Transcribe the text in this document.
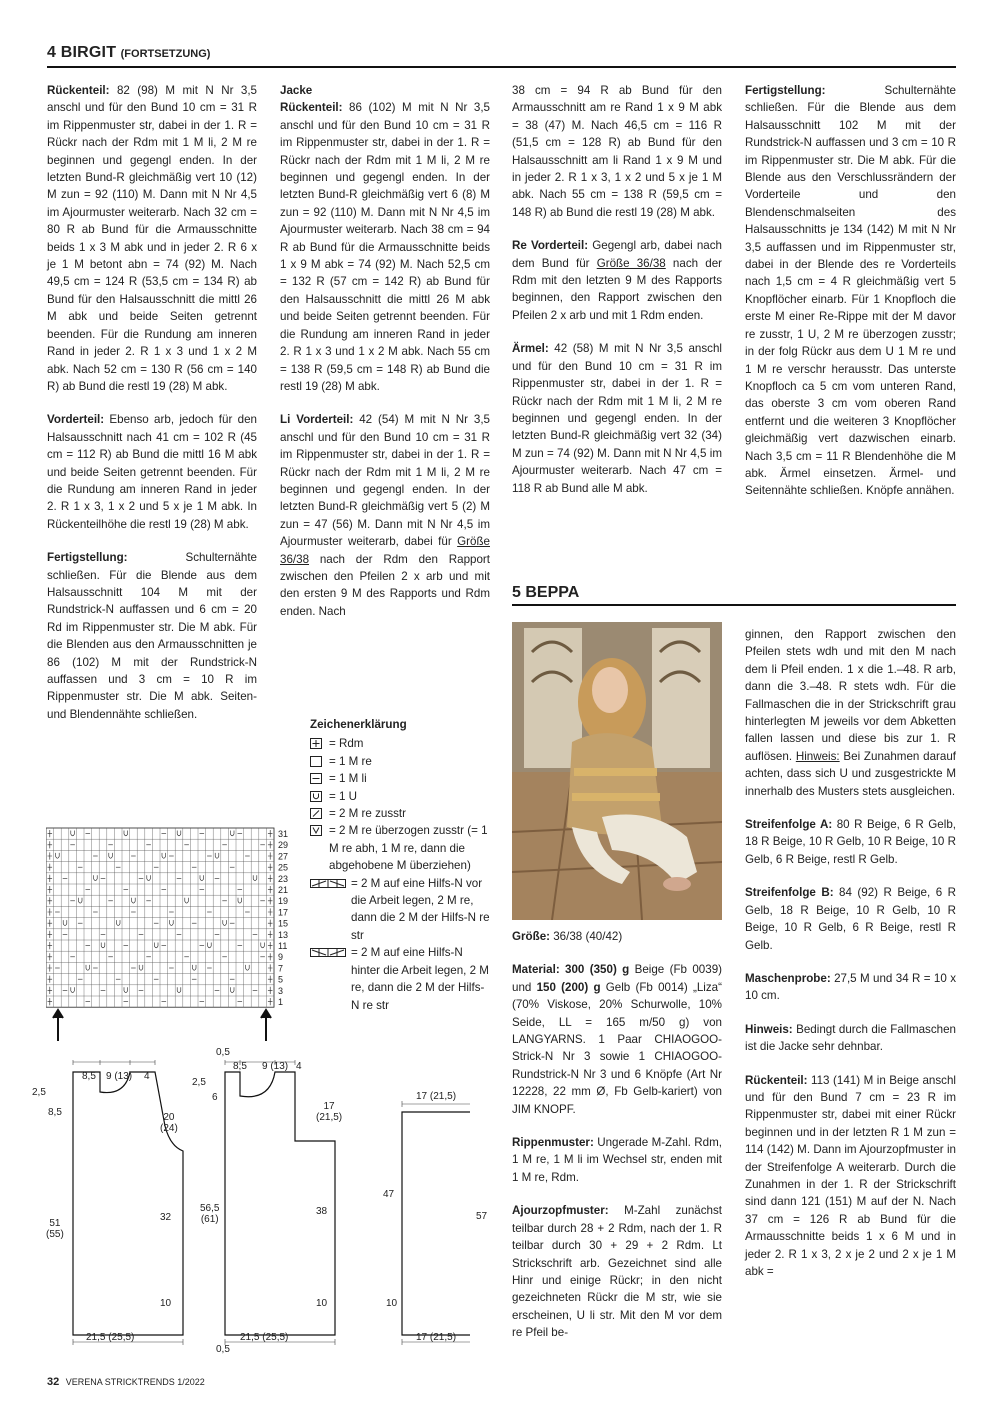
4 BIRGIT (FORTSETZUNG)

Rückenteil: 82 (98) M mit N Nr 3,5 anschl und für den Bund 10 cm = 31 R im Rippenmuster str, dabei in der 1. R = Rückr nach der Rdm mit 1 M li, 2 M re beginnen und gegengl enden. In der letzten Bund-R gleichmäßig vert 10 (12) M zun = 92 (110) M. Dann mit N Nr 4,5 im Ajourmuster weiterarb. Nach 32 cm = 80 R ab Bund für die Armausschnitte beids 1 x 3 M abk und in jeder 2. R 6 x je 1 M betont abn = 74 (92) M. Nach 49,5 cm = 124 R (53,5 cm = 134 R) ab Bund für den Halsausschnitt die mittl 26 M abk und beide Seiten getrennt beenden. Für die Rundung am inneren Rand in jeder 2. R 1 x 3 und 1 x 2 M abk. Nach 52 cm = 130 R (56 cm = 140 R) ab Bund die restl 19 (28) M abk.

Vorderteil: Ebenso arb, jedoch für den Halsausschnitt nach 41 cm = 102 R (45 cm = 112 R) ab Bund die mittl 16 M abk und beide Seiten getrennt beenden. Für die Rundung am inneren Rand in jeder 2. R 1 x 3, 1 x 2 und 5 x je 1 M abk. In Rückenteilhöhe die restl 19 (28) M abk.

Fertigstellung: Schulternähte schließen. Für die Blende aus dem Halsausschnitt 104 M mit der Rundstrick-N auffassen und 6 cm = 20 Rd im Rippenmuster str. Die M abk. Für die Blenden aus den Armausschnitten je 86 (102) M mit der Rundstrick-N auffassen und 3 cm = 10 R im Rippenmuster str. Die M abk. Seiten- und Blendennähte schließen.

Jacke

Rückenteil: 86 (102) M mit N Nr 3,5 anschl und für den Bund 10 cm = 31 R im Rippenmuster str, dabei in der 1. R = Rückr nach der Rdm mit 1 M li, 2 M re beginnen und gegengl enden. In der letzten Bund-R gleichmäßig vert 6 (8) M zun = 92 (110) M. Dann mit N Nr 4,5 im Ajourmuster weiterarb. Nach 38 cm = 94 R ab Bund für die Armausschnitte beids 1 x 9 M abk = 74 (92) M. Nach 52,5 cm = 132 R (57 cm = 142 R) ab Bund für den Halsausschnitt die mittl 26 M abk und beide Seiten getrennt beenden. Für die Rundung am inneren Rand in jeder 2. R 1 x 3 und 1 x 2 M abk. Nach 55 cm = 138 R (59,5 cm = 148 R) ab Bund die restl 19 (28) M abk.

Li Vorderteil: 42 (54) M mit N Nr 3,5 anschl und für den Bund 10 cm = 31 R im Rippenmuster str, dabei in der 1. R = Rückr nach der Rdm mit 1 M li, 2 M re beginnen und gegengl enden. In der letzten Bund-R gleichmäßig vert 5 (2) M zun = 47 (56) M. Dann mit N Nr 4,5 im Ajourmuster weiterarb, dabei für Größe 36/38 nach der Rdm den Rapport zwischen den Pfeilen 2 x arb und mit den ersten 9 M des Rapports und Rdm enden. Nach

38 cm = 94 R ab Bund für den Armausschnitt am re Rand 1 x 9 M abk = 38 (47) M. Nach 46,5 cm = 116 R (51,5 cm = 128 R) ab Bund für den Halsausschnitt am li Rand 1 x 9 M und in jeder 2. R 1 x 3, 1 x 2 und 5 x je 1 M abk. Nach 55 cm = 138 R (59,5 cm = 148 R) ab Bund die restl 19 (28) M abk.

Re Vorderteil: Gegengl arb, dabei nach dem Bund für Größe 36/38 nach der Rdm mit den letzten 9 M des Rapports beginnen, den Rapport zwischen den Pfeilen 2 x arb und mit 1 Rdm enden.

Ärmel: 42 (58) M mit N Nr 3,5 anschl und für den Bund 10 cm = 31 R im Rippenmuster str, dabei in der 1. R = Rückr nach der Rdm mit 1 M li, 2 M re beginnen und gegengl enden. In der letzten Bund-R gleichmäßig vert 32 (34) M zun = 74 (92) M. Dann mit N Nr 4,5 im Ajourmuster weiterarb. Nach 47 cm = 118 R ab Bund alle M abk.

Fertigstellung: Schulternähte schließen. Für die Blende aus dem Halsausschnitt 102 M mit der Rundstrick-N auffassen und 3 cm = 10 R im Rippenmuster str. Die M abk. Für die Blende aus den Verschlussrändern der Vorderteile und den Blendenschmalseiten des Halsausschnitts je 134 (142) M mit N Nr 3,5 auffassen und im Rippenmuster str, dabei in der Blende des re Vorderteils nach 1,5 cm = 4 R gleichmäßig vert 5 Knopflöcher einarb. Für 1 Knopfloch die erste M einer Re-Rippe mit der M davor re zusstr, 1 U, 2 M re überzogen zusstr; in der folg Rückr aus dem U 1 M re und 1 M re verschr herausstr. Das unterste Knopfloch ca 5 cm vom unteren Rand, das oberste 3 cm vom oberen Rand entfernt und die weiteren 3 Knopflöcher gleichmäßig vert dazwischen einarb. Nach 3,5 cm = 11 R Blendenhöhe die M abk. Ärmel einsetzen. Ärmel- und Seitennähte schließen. Knöpfe annähen.

5 BEPPA

Größe: 36/38 (40/42)

Material: 300 (350) g Beige (Fb 0039) und 150 (200) g Gelb (Fb 0014) „Liza“ (70% Viskose, 20% Schurwolle, 10% Seide, LL = 165 m/50 g) von LANGYARNS. 1 Paar CHIAOGOO-Strick-N Nr 3 sowie 1 CHIAOGOO-Rundstrick-N Nr 3 und 6 Knöpfe (Art Nr 12228, 22 mm Ø, Fb Gelb-kariert) von JIM KNOPF.

Rippenmuster: Ungerade M-Zahl. Rdm, 1 M re, 1 M li im Wechsel str, enden mit 1 M re, Rdm.

Ajourzopfmuster: M-Zahl zunächst teilbar durch 28 + 2 Rdm, nach der 1. R teilbar durch 30 + 29 + 2 Rdm. Lt Strickschrift arb. Gezeichnet sind alle Hinr und einige Rückr; in den nicht gezeichneten Rückr die M str, wie sie erscheinen, U li str. Mit den M vor dem re Pfeil be-

ginnen, den Rapport zwischen den Pfeilen stets wdh und mit den M nach dem li Pfeil enden. 1 x die 1.–48. R arb, dann die 3.–48. R stets wdh. Für die Fallmaschen die in der Strickschrift grau hinterlegten M jeweils vor dem Abketten fallen lassen und diese bis zur 1. R auflösen. Hinweis: Bei Zunahmen darauf achten, dass sich U und zusgestrickte M innerhalb des Musters stets ausgleichen.

Streifenfolge A: 80 R Beige, 6 R Gelb, 18 R Beige, 10 R Gelb, 10 R Beige, 10 R Gelb, 6 R Beige, restl R Gelb.

Streifenfolge B: 84 (92) R Beige, 6 R Gelb, 18 R Beige, 10 R Gelb, 10 R Beige, 10 R Gelb, 6 R Beige, restl R Gelb.

Maschenprobe: 27,5 M und 34 R = 10 x 10 cm.

Hinweis: Bedingt durch die Fallmaschen ist die Jacke sehr dehnbar.

Rückenteil: 113 (141) M in Beige anschl und für den Bund 7 cm = 23 R im Rippenmuster str, dabei mit einer Rückr beginnen und in der letzten R 1 M zun = 114 (142) M. Dann im Ajourzopfmuster in der Streifenfolge A weiterarb. Durch die Zunahmen in der 1. R der Strickschrift sind dann 121 (151) M auf der N. Nach 37 cm = 126 R ab Bund für die Armausschnitte beids 1 x 6 M und in jeder 2. R 1 x 3, 2 x je 2 und 2 x je 1 M abk =

Zeichenerklärung
= Rdm
= 1 M re
= 1 M li
= 1 U
= 2 M re zusstr
= 2 M re überzogen zusstr (= 1 M re abh, 1 M re, dann die abgehobene M überziehen)
= 2 M auf eine Hilfs-N vor die Arbeit legen, 2 M re, dann die 2 M der Hilfs-N re str
= 2 M auf eine Hilfs-N hinter die Arbeit legen, 2 M re, dann die 2 M der Hilfs-N re str
31
29
27
25
23
21
19
17
15
13
11
9
7
5
3
1
8,5 9 (13) 4
2,5
8,5	20
(24)
32
51
(55)
10
21,5 (25,5)
0,5
8,5 9 (13) 4
2,5
6
17
(21,5)
38
56,5
(61)
10
21,5 (25,5)
0,5
17 (21,5)
47
57
10
17 (21,5)
32 VERENA STRICKTRENDS 1/2022
